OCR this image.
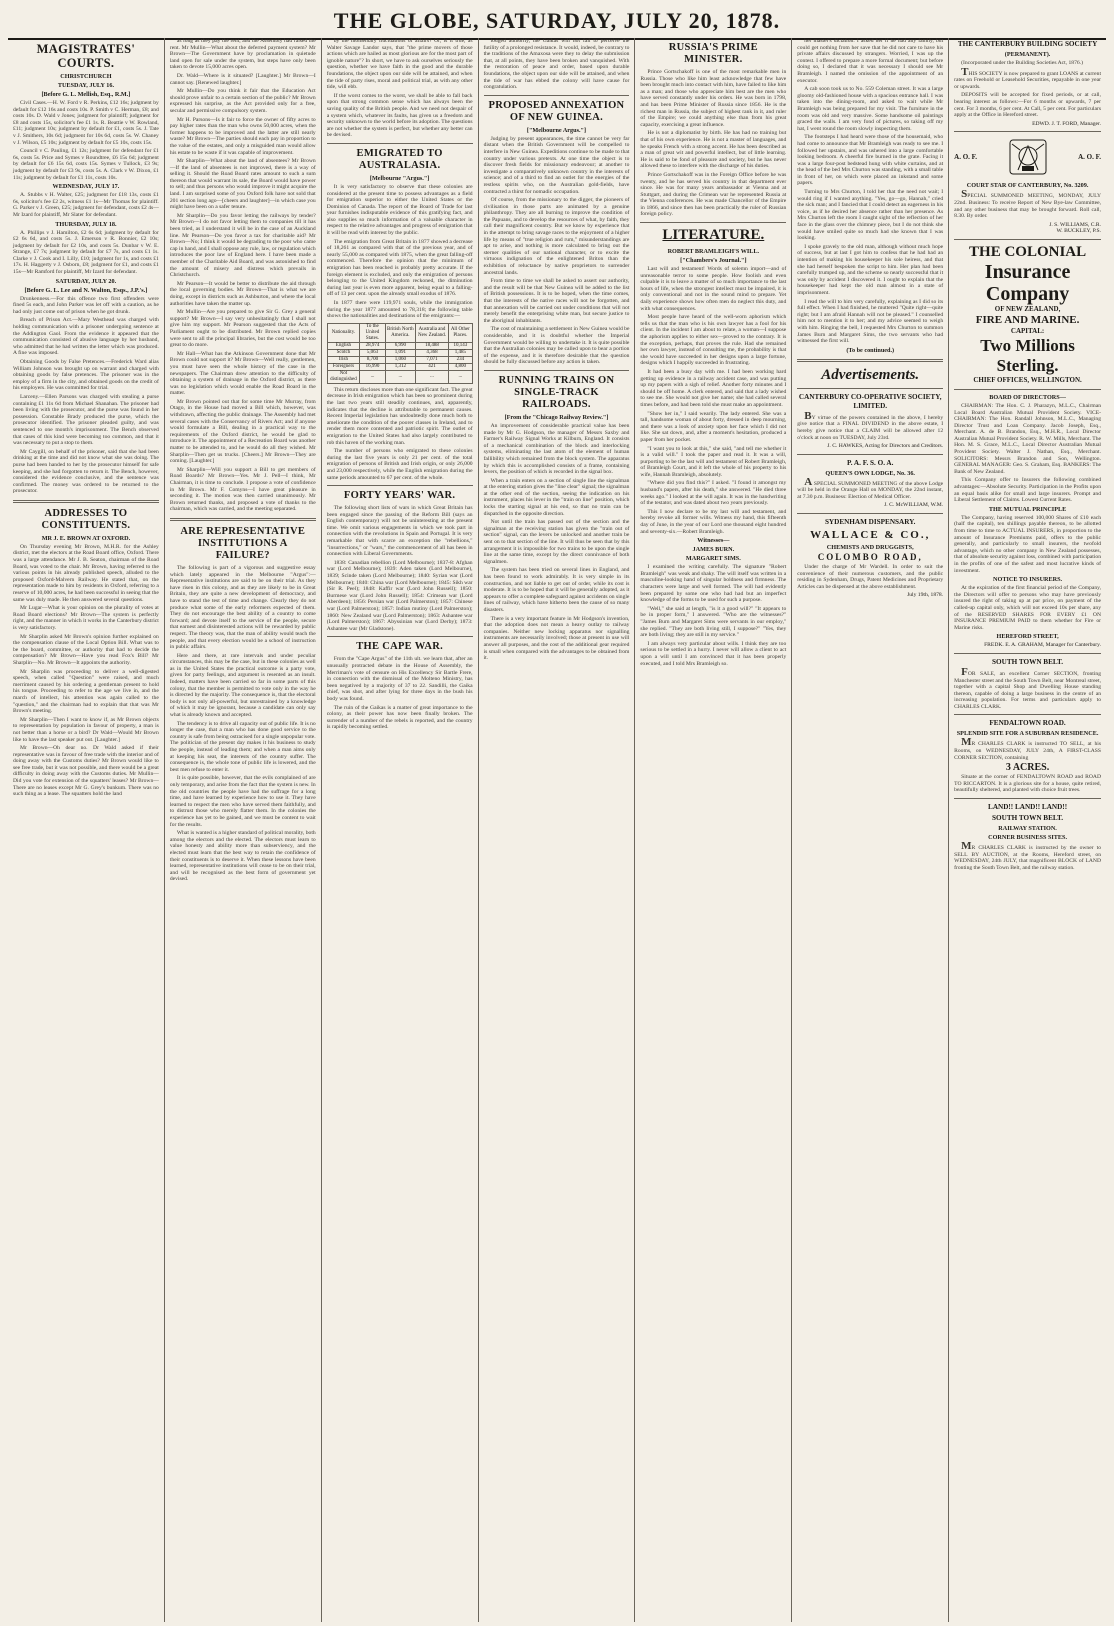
THE GLOBE, SATURDAY, JULY 20, 1878.
MAGISTRATES' COURTS.
CHRISTCHURCH
TUESDAY, JULY 16.
[Before G. L. Mellish, Esq., R.M.]

Civil Cases.—H. W. Ford v R. Perkins, £12 16s; judgment by default for £12 16s and costs 10s. P. Smith v C. Herman, £8; and costs 10s. D. Wald v Jones; judgment for plaintiff; judgment for £8 and costs 15s, solicitor's fee £1 1s. R. Beattie v W. Rowland, £11; judgment 10s; judgment by default for £1, costs 5s. J. Tate v J. Smithers, 10s 6d; judgment for 10s 6d, costs 5s. W. Chaney v J. Wilson, £5 10s; judgment by default for £5 10s, costs 15s.

Council v C. Pauling, £1 12s; judgment for defendant for £1 6s, costs 5s. Price and Symes v Roundtree, £6 15s 6d; judgment by default for £6 15s 6d, costs 15s. Symes v Tullock, £3 9s; judgment by default for £3 9s, costs 5s. A. Clark v W. Dixon, £1 11s; judgment by default for £1 11s, costs 10s.

WEDNESDAY, JULY 17.

A. Stubbs v H. Walter, £25; judgment for £18 13s, costs £1 6s, solicitor's fee £2 2s, witness £1 1s—Mr Thomas for plaintiff. G. Parker v J. Green, £25; judgment for defendant, costs £2 4s—Mr Izard for plaintiff, Mr Slater for defendant.

THURSDAY, JULY 18.

A. Phillips v J. Hamilton, £2 6s 6d; judgment by default for £2 6s 6d, and costs 5s. J. Emerson v R. Bonnier, £2 10s; judgment by default for £2 10s, and costs 5s. Dunbar v W. E. Strange, £7 7s; judgment by default for £7 7s, and costs £1 1s. Clarke v J. Cook and I. Lilly, £10; judgment for 1s, and costs £1 17s. H. Haggerty v J. Osborn, £8; judgment for £1, and costs £1 15s—Mr Ramford for plaintiff, Mr Izard for defendant.

SATURDAY, JULY 20.
[Before G. L. Lee and N. Walton, Esqs., J.P.'s.]

Drunkenness.—For this offence two first offenders were fined 5s each, and John Parker was let off with a caution, as he had only just come out of prison when he got drunk.

Breach of Prison Act.—Mary Westhead was charged with holding communication with a prisoner undergoing sentence at the Addington Gaol. From the evidence it appeared that the communication consisted of abusive language by her husband, who admitted that he had written the letter which was produced. A fine was imposed.

Obtaining Goods by False Pretences.—Frederick Ward alias William Johnson was brought up on warrant and charged with obtaining goods by false pretences. The prisoner was in the employ of a firm in the city, and obtained goods on the credit of his employers. He was committed for trial.

Larceny.—Ellen Parsons was charged with stealing a purse containing £1 11s 6d from Michael Shanahan. The prisoner had been living with the prosecutor, and the purse was found in her possession. Constable Brady produced the purse, which the prosecutor identified. The prisoner pleaded guilty, and was sentenced to one month's imprisonment. The Bench observed that cases of this kind were becoming too common, and that it was necessary to put a stop to them.

Mr Caygill, on behalf of the prisoner, said that she had been drinking at the time and did not know what she was doing. The purse had been handed to her by the prosecutor himself for safe keeping, and she had forgotten to return it. The Bench, however, considered the evidence conclusive, and the sentence was confirmed. The money was ordered to be returned to the prosecutor.

ADDRESSES TO CONSTITUENTS.
MR J. E. BROWN AT OXFORD.

On Thursday evening Mr Brown, M.H.R. for the Ashley district, met the electors at the Road Board office, Oxford. There was a large attendance. Mr J. B. Seaton, chairman of the Road Board, was voted to the chair. Mr Brown, having referred to the various points in his already published speech, alluded to the proposed Oxford-Malvern Railway. He stated that, on the representation made to him by residents in Oxford, referring to a reserve of 10,000 acres, he had been successful in seeing that the same was duly made. He then answered several questions.

Mr Lugar—What is your opinion on the plurality of votes at Road Board elections? Mr Brown—The system is perfectly right, and the manner in which it works in the Canterbury district is very satisfactory.

Mr Sharplin asked Mr Brown's opinion further explained on the compensation clause of the Local Option Bill. What was to be the board, committee, or authority that had to decide the compensation? Mr Brown—Have you read Fox's Bill? Mr Sharplin—No. Mr Brown—It appoints the authority.

Mr Sharplin was proceeding to deliver a well-digested speech, when called "Question" were raised, and much merriment caused by his ordering a gentleman present to hold his tongue. Proceeding to refer to the age we live in, and the march of intellect, his attention was again called to the "question," and the chairman had to explain that that was Mr Brown's meeting.

Mr Sharplin—Then I want to know if, as Mr Brown objects to representation by population in favour of property, a man is not better than a horse or a bird? Dr Wald—Would Mr Brown like to have the last speaker put out. [Laughter.]

Mr Brown—Oh dear no. Dr Wald asked if their representative was in favour of free trade with the interior and of doing away with the Customs duties? Mr Brown would like to see free trade, but it was not possible, and there would be a great difficulty in doing away with the Customs duties. Mr Mullin—Did you vote for extension of the squatters' leases? Mr Brown—There are no leases except Mr G. Grey's bunkum. There was no such thing as a lease. The squatters hold the land

as long as they pay the rent, and the Assembly had raised the rent. Mr Mullin—What about the deferred payment system? Mr Brown—The Government have by proclamation in quietude land open for sale under the system, but steps have only been taken to devote 15,000 acres open.

Dr. Wald—Where is it situated? [Laughter.] Mr Brown—I cannot say. [Renewed laughter.]

Mr Mullin—Do you think it fair that the Education Act should prove unfair to a certain section of the public? Mr Brown expressed his surprise, as the Act provided only for a free, secular and permissive compulsory system.

Mr H. Parsons—Is it fair to force the owner of fifty acres to pay higher rates than the man who owns 50,000 acres, when the former happens to be improved and the latter are still nearly waste? Mr Brown—The parties should each pay in proportion to the value of the estates, and only a misguided man would allow his estate to be waste if it was capable of improvement.

Mr Sharplin—What about the land of absentees? Mr Brown—If the land of absentees is not improved, there is a way of selling it. Should the Road Board rates amount to such a sum thereon that would warrant its sale, the Board would have power to sell; and thus persons who would improve it might acquire the land. I am surprised some of you Oxford folk have not sold that 201 section long ago—[cheers and laughter]—in which case you might have been on a safer tenure.

Mr Sharplin—Do you favor letting the railways by tender? Mr Brown—I do not favor letting them to companies till it has been tried, as I understand it will be in the case of an Auckland line. Mr Pearson—Do you favor a tax for charitable aid? Mr Brown—No; I think it would be degrading to the poor who came cap in hand, and I shall oppose any rule, law, or regulation which introduces the poor law of England here. I have been made a member of the Charitable Aid Board, and was astonished to find the amount of misery and distress which prevails in Christchurch.

Mr Pearson—It would be better to distribute the aid through the local governing bodies. Mr Brown—That is what we are doing, except in districts such as Ashburton, and where the local authorities have taken the matter up.

Mr Mullin—Are you prepared to give Sir G. Grey a general support? Mr Brown—I say very unhesitatingly that I shall not give him my support. Mr Pearson suggested that the Acts of Parliament ought to be distributed. Mr Brown replied copies were sent to all the principal libraries, but the cost would be too great to do more.

Mr Hall—What has the Atkinson Government done that Mr Brown could not support it? Mr Brown—Well really, gentlemen, you must have seen the whole history of the case in the newspapers. The Chairman drew attention to the difficulty of obtaining a system of drainage in the Oxford district, as there was no legislation which would enable the Road Board in the matter.

Mr Brown pointed out that for some time Mr Murray, from Otago, in the House had moved a Bill which, however, was withdrawn, affecting the public drainage. The Assembly had met several cases with the Conservancy of Rivers Act; and if anyone would formulate a Bill, dealing in a practical way to the requirements of the Oxford district, he would be glad to introduce it. The appointment of a Recreation Board was another matter to be attended to, and he would do all they wished. Mr Sharplin—Then get us trucks. [Cheers.] Mr Brown—They are coming. [Laughter.]

Mr Sharplin—Will you support a Bill to get members of Road Boards? Mr Brown—Yes. Mr J. Pell—I think, Mr Chairman, it is time to conclude. I propose a vote of confidence in Mr Brown. Mr F. Comyns—I have great pleasure in seconding it. The motion was then carried unanimously. Mr Brown returned thanks, and proposed a vote of thanks to the chairman, which was carried, and the meeting separated.

ARE REPRESENTATIVE INSTITUTIONS A FAILURE?

The following is part of a vigorous and suggestive essay which lately appeared in the Melbourne "Argus":—Representative institutions are said to be on their trial. As they have risen in this colony, and as they are likely to be in Great Britain, they are quite a new development of democracy, and have to stand the test of time and change. Clearly they do not produce what some of the early reformers expected of them. They do not encourage the best ability of a country to come forward; and devote itself to the service of the people, secure that earnest and disinterested actions will be rewarded by public respect. The theory was, that the man of ability would teach the people, and that every election would be a school of instruction in public affairs.

Here and there, at rare intervals and under peculiar circumstances, this may be the case, but in these colonies as well as in the United States the practical outcome is a party vote, given for party feelings, and argument is resented as an insult. Indeed, matters have been carried so far in some parts of this colony, that the member is permitted to vote only in the way he is directed by the majority. The consequence is, that the electoral body is not only all-powerful, but unrestrained by a knowledge of which it may be ignorant, because a candidate can only say what is already known and accepted.

The tendency is to drive all capacity out of public life. It is no longer the case, that a man who has done good service to the country is safe from being ostracised for a single unpopular vote. The politician of the present day makes it his business to study the people, instead of leading them; and when a man aims only at keeping his seat, the interests of the country suffer. The consequence is, the whole tone of public life is lowered, and the best men refuse to enter it.

It is quite possible, however, that the evils complained of are only temporary, and arise from the fact that the system is new. In the old countries the people have had the suffrage for a long time, and have learned by experience how to use it. They have learned to respect the men who have served them faithfully, and to distrust those who merely flatter them. In the colonies the experience has yet to be gained, and we must be content to wait for the results.

What is wanted is a higher standard of political morality, both among the electors and the elected. The electors must learn to value honesty and ability more than subserviency, and the elected must learn that the best way to retain the confidence of their constituents is to deserve it. When these lessons have been learned, representative institutions will cease to be on their trial, and will be recognised as the best form of government yet devised.

by the momentary fluctuations of affairs? Or, is it true, as Walter Savage Landor says, that "the prime movers of those actions which are hailed as most glorious are for the most part of ignoble nature"? In short, we have to ask ourselves seriously the question, whether we have faith in the good and the durable foundations, the object upon our side will be attained, and when the tide of party rises, moral and political trial, as with any other tide, will ebb.

If the worst comes to the worst, we shall be able to fall back upon that strong common sense which has always been the saving quality of the British people. And we need not despair of a system which, whatever its faults, has given us a freedom and security unknown to the world before its adoption. The questions are not whether the system is perfect, but whether any better can be devised.

EMIGRATED TO AUSTRALASIA.
[Melbourne "Argus."]

It is very satisfactory to observe that these colonies are considered at the present time to possess advantages as a field for emigration superior to either the United States or the Dominion of Canada. The report of the Board of Trade for last year furnishes indisputable evidence of this gratifying fact, and also supplies so much information of a valuable character in respect to the relative advantages and progress of emigration that it will be read with interest by the public.

The emigration from Great Britain in 1877 showed a decrease of 18,261 as compared with that of the previous year, and of nearly 55,000 as compared with 1875, when the great falling-off commenced. Therefore the opinion that the minimum of emigration has been reached is probably pretty accurate. If the foreign element is excluded, and only the emigration of persons belonging to the United Kingdom reckoned, the diminution during last year is even more apparent, being equal to a falling-off of 13 per cent. upon the already small exodus of 1876.

In 1877 there were 119,971 souls, while the immigration during the year 1877 amounted to 78,318; the following table shows the nationalities and destinations of the emigrants:—

Nationality.	To the United States.	British North America.	Australia and New Zealand.	All Other Places.
English	28,974	6,990	18,488	10,143
Scotch	5,063	1,091	4,368	1,485
Irish	8,700	1,060	7,071	234
Foreigners	16,990	1,312	421	4,800
Not distinguished	...	...	...	...

This return discloses more than one significant fact. The great decrease in Irish emigration which has been so prominent during the last two years still steadily continues, and, apparently, indicates that the decline is attributable to permanent causes. Recent Imperial legislation has undoubtedly done much both to ameliorate the condition of the poorer classes in Ireland, and to render them more contented and patriotic spirit. The outlet of emigration to the United States had also largely contributed to rob this haven of the working man.

The number of persons who emigrated to these colonies during the last five years is only 21 per cent. of the total emigration of persons of British and Irish origin, or only 26,000 and 23,000 respectively, while the English emigration during the same periods amounted to 67 per cent. of the whole.

FORTY YEARS' WAR.

The following short lists of wars in which Great Britain has been engaged since the passing of the Reform Bill (says an English contemporary) will not be uninteresting at the present time. We omit various engagements in which we took part in connection with the revolutions in Spain and Portugal. It is very remarkable that with scarce an exception the "rebellions," "insurrections," or "wars," the commencement of all has been in connection with Liberal Governments.

1838: Canadian rebellion (Lord Melbourne); 1837-8: Afghan war (Lord Melbourne); 1839: Aden taken (Lord Melbourne), 1839; Scinde taken (Lord Melbourne); 1840: Syrian war (Lord Melbourne); 1840: China war (Lord Melbourne); 1845: Sikh war (Sir R. Peel); 1848: Kaffir war (Lord John Russell); 1850: Burmese war (Lord John Russell); 1854: Crimean war (Lord Aberdeen); 1856: Persian war (Lord Palmerston); 1857: Chinese war (Lord Palmerston); 1857: Indian mutiny (Lord Palmerston); 1860: New Zealand war (Lord Palmerston); 1863: Ashantee war (Lord Palmerston); 1867: Abyssinian war (Lord Derby); 1873: Ashantee war (Mr Gladstone).

THE CAPE WAR.

From the "Cape Argus" of the 11th ult. we learn that, after an unusually protracted debate in the House of Assembly, the Merriman's vote of censure on His Excellency Sir Bartle Frere, in connection with the dismissal of the Molteno Ministry, has been negatived by a majority of 37 to 22. Sandilli, the Gaika chief, was shot, and after lying for three days in the bush his body was found.

The ruin of the Gaikas is a matter of great importance to the colony, as their power has now been finally broken. The surrender of a number of the rebels is reported, and the country is rapidly becoming settled.

lodged authority, the Gaikas will not fail to perceive the futility of a prolonged resistance. It would, indeed, be contrary to the traditions of the Amaxosa were they to delay the submission that, at all points, they have been broken and vanquished. With the restoration of peace and order, based upon durable foundations, the object upon our side will be attained, and when the tide of war has ebbed the colony will have cause for congratulation.

PROPOSED ANNEXATION OF NEW GUINEA.
["Melbourne Argus."]

Judging by present appearances, the time cannot be very far distant when the British Government will be compelled to interfere in New Guinea. Expeditions continue to be made to that country under various pretexts. At one time the object is to discover fresh fields for missionary endeavour; at another to investigate a comparatively unknown country in the interests of science; and of a third to find an outlet for the energies of the restless spirits who, on the Australian gold-fields, have contracted a thirst for nomadic occupation.

Of course, from the missionary to the digger, the pioneers of civilisation in those parts are animated by a genuine philanthropy. They are all burning to improve the condition of the Papuans, and to develop the resources of what, by faith, they call their magnificent country. But we know by experience that in the attempt to bring savage races to the enjoyment of a higher life by means of "true religion and rum," misunderstandings are apt to arise, and nothing is more calculated to bring out the sterner qualities of our national character, or to excite the virtuous indignation of the enlightened Briton than the exhibition of reluctance by native proprietors to surrender ancestral lands.

From time to time we shall be asked to assert our authority, and the result will be that New Guinea will be added to the list of British possessions. It is to be hoped, when the time comes, that the interests of the native races will not be forgotten, and that annexation will be carried out under conditions that will not merely benefit the enterprising white man, but secure justice to the aboriginal inhabitants.

The cost of maintaining a settlement in New Guinea would be considerable, and it is doubtful whether the Imperial Government would be willing to undertake it. It is quite possible that the Australian colonies may be called upon to bear a portion of the expense, and it is therefore desirable that the question should be fully discussed before any action is taken.

RUNNING TRAINS ON SINGLE-TRACK RAILROADS.
[From the "Chicago Railway Review."]

An improvement of considerable practical value has been made by Mr G. Hodgson, the manager of Messrs Saxby and Farmer's Railway Signal Works at Kilburn, England. It consists of a mechanical combination of the block and interlocking systems, eliminating the last atom of the element of human fallibility which remained from the block system. The apparatus by which this is accomplished consists of a frame, containing levers, the position of which is recorded in the signal box.

When a train enters on a section of single line the signalman at the entering station gives the "line clear" signal; the signalman at the other end of the section, seeing the indication on his instrument, places his lever in the "train on line" position, which locks the starting signal at his end, so that no train can be dispatched in the opposite direction.

Not until the train has passed out of the section and the signalman at the receiving station has given the "train out of section" signal, can the levers be unlocked and another train be sent on to that section of the line. It will thus be seen that by this arrangement it is impossible for two trains to be upon the single line at the same time, except by the direct connivance of both signalmen.

The system has been tried on several lines in England, and has been found to work admirably. It is very simple in its construction, and not liable to get out of order, while its cost is moderate. It is to be hoped that it will be generally adopted, as it appears to offer a complete safeguard against accidents on single lines of railway, which have hitherto been the cause of so many disasters.

There is a very important feature in Mr Hodgson's invention, that the adoption does not mean a heavy outlay to railway companies. Neither new locking apparatus nor signalling instruments are necessarily involved; those at present in use will answer all purposes, and the cost of the additional gear required is small when compared with the advantages to be obtained from it.

RUSSIA'S PRIME MINISTER.

Prince Gortschakoff is one of the most remarkable men in Russia. Those who like him least acknowledge that few have been brought much into contact with him, have failed to like him as a man; and those who appreciate him best are the men who have served constantly under his orders. He was born in 1798, and has been Prime Minister of Russia since 1856. He is the richest man in Russia, the subject of highest rank in it, and ruler of the Empire; we could anything else than from his great capacity, exercising a great influence.

He is not a diplomatist by birth. He has had no training but that of his own experience. He is not a master of languages, and he speaks French with a strong accent. He has been described as a man of great wit and powerful intellect, but of little learning. He is said to be fond of pleasure and society, but he has never allowed these to interfere with the discharge of his duties.

Prince Gortschakoff was in the Foreign Office before he was twenty, and he has served his country in that department ever since. He was for many years ambassador at Vienna and at Stuttgart, and during the Crimean war he represented Russia at the Vienna conferences. He was made Chancellor of the Empire in 1866, and since then has been practically the ruler of Russian foreign policy.

LITERATURE.
ROBERT BRAMLEIGH'S WILL.
["Chambers's Journal."]

Last will and testament! Words of solemn import—and of unreasonable terror to some people. How foolish and even culpable it is to leave a matter of so much importance to the last hours of life, when the strongest intellect must be impaired, it is only conventional and not in the sound mind to prepare. Yet daily experience shows how often men do neglect this duty, and with what consequences.

Most people have heard of the well-worn aphorism which tells us that the man who is his own lawyer has a fool for his client. In the incident I am about to relate, a woman—I suppose the aphorism applies to either sex—proved to the contrary. It is the exception, perhaps, that proves the rule. Had she remained her own lawyer, instead of consulting me, the probability is that she would have succeeded in her designs upon a large fortune, designs which I happily succeeded in frustrating.

It had been a busy day with me. I had been working hard getting up evidence in a railway accident case, and was putting up my papers with a sigh of relief. Another forty minutes and I should be off home. A clerk entered, and said that a lady wished to see me. She would not give her name; she had called several times before, and had been told she must make an appointment.

"Show her in," I said wearily. The lady entered. She was a tall, handsome woman of about forty, dressed in deep mourning, and there was a look of anxiety upon her face which I did not like. She sat down, and, after a moment's hesitation, produced a paper from her pocket.

"I want you to look at this," she said, "and tell me whether it is a valid will." I took the paper and read it. It was a will, purporting to be the last will and testament of Robert Bramleigh, of Bramleigh Court, and it left the whole of his property to his wife, Hannah Bramleigh, absolutely.

"Where did you find this?" I asked. "I found it amongst my husband's papers, after his death," she answered. "He died three weeks ago." I looked at the will again. It was in the handwriting of the testator, and was dated about two years previously.

This I now declare to be my last will and testament, and hereby revoke all former wills. Witness my hand, this fifteenth day of June, in the year of our Lord one thousand eight hundred and seventy-six.—Robert Bramleigh.

Witnesses—
JAMES BURN.
MARGARET SIMS.

I examined the writing carefully. The signature "Robert Bramleigh" was weak and shaky. The will itself was written in a masculine-looking hand of singular boldness and firmness. The characters were large and well formed. The will had evidently been prepared by some one who had had but an imperfect knowledge of the forms to be used for such a purpose.

"Well," she said at length, "is it a good will?" "It appears to be in proper form," I answered. "Who are the witnesses?" "James Burn and Margaret Sims were servants in our employ," she replied. "They are both living still, I suppose?" "Yes, they are both living; they are still in my service."

I am always very particular about wills. I think they are too serious to be settled in a hurry. I never will allow a client to act upon a will until I am convinced that it has been properly executed, and I told Mrs Bramleigh so.

her master's dictation. I asked her if he had any family, but could get nothing from her save that he did not care to have his private affairs discussed by strangers. Worried, I was up the contest. I offered to prepare a more formal document; but before doing so, I declared that it was necessary I should see Mr Bramleigh. I named the omission of the appointment of an executor.

A cab soon took us to No. 559 Coleman street. It was a large gloomy old-fashioned house with a spacious entrance hall. I was taken into the dining-room, and asked to wait while Mr Bramleigh was being prepared for my visit. The furniture in the room was old and very massive. Some handsome oil paintings graced the walls. I am very fond of pictures, so taking off my hat, I went round the room slowly inspecting them.

The footsteps I had heard were those of the housemaid, who had come to announce that Mr Bramleigh was ready to see me. I followed her upstairs, and was ushered into a large comfortable looking bedroom. A cheerful fire burned in the grate. Facing it was a large four-post bedstead hung with white curtains, and at the head of the bed Mrs Churton was standing, with a small table in front of her, on which were placed an inkstand and some papers.

Turning to Mrs Churton, I told her that the need not wait; I would ring if I wanted anything. "Yes, go—go, Hannah," cried the sick man; and I fancied that I could detect an eagerness in his voice, as if he desired her absence rather than her presence. As Mrs Churton left the room I caught sight of the reflection of her face in the glass over the chimney piece, but I do not think she would have smiled quite so much had she known that I was looking.

I spoke gravely to the old man, although without much hope of success, but at last I got him to confess that he had had an intention of making his housekeeper his sole heiress, and that she had herself bespoken the script to him. Her plan had been carefully trumped up, and the scheme so nearly successful that it was only by accident I discovered it. I ought to explain that the housekeeper had kept the old man almost in a state of imprisonment.

I read the will to him very carefully, explaining as I did so its full effect. When I had finished, he muttered "Quite right—quite right; but I am afraid Hannah will not be pleased." I counselled him not to mention it to her; and my advice seemed to weigh with him. Ringing the bell, I requested Mrs Churton to summon James Burn and Margaret Sims, the two servants who had witnessed the first will.

(To be continued.)
Advertisements.
CANTERBURY CO-OPERATIVE SOCIETY, LIMITED.

BY virtue of the powers contained in the above, I hereby give notice that a FINAL DIVIDEND in the above estate, I hereby give notice that a CLAIM will be allowed after 12 o'clock at noon on TUESDAY, July 23rd.

J. C. HAWKES, Acting for Directors and Creditors.
P. A. F. S. O. A.
QUEEN'S OWN LODGE, No. 36.

A SPECIAL SUMMONED MEETING of the above Lodge will be held in the Orange Hall on MONDAY, the 22nd instant, at 7.30 p.m. Business: Election of Medical Officer.

J. C. McWILLIAM, W.M.
SYDENHAM DISPENSARY.
WALLACE & CO.,
CHEMISTS AND DRUGGISTS,
COLOMBO ROAD,

Under the charge of Mr Wardell. In order to suit the convenience of their numerous customers, and the public residing in Sydenham, Drugs, Patent Medicines and Proprietary Articles can be dispensed at the above establishment.

July 19th, 1878.
THE CANTERBURY BUILDING SOCIETY
(PERMANENT).

(Incorporated under the Building Societies Act, 1876.)

THIS SOCIETY is now prepared to grant LOANS at current rates on Freehold or Leasehold Securities, repayable in one year or upwards.

DEPOSITS will be accepted for fixed periods, or at call, bearing interest as follows:—For 6 months or upwards, 7 per cent. For 3 months, 6 per cent. At Call, 5 per cent. For particulars apply at the Office in Hereford street.

EDWD. J. T. FORD, Manager.
A. O. F.	A. O. F.
COURT STAR OF CANTERBURY, No. 3209.

SPECIAL SUMMONED MEETING, MONDAY, JULY 22nd. Business: To receive Report of New Bye-law Committee, and any other business that may be brought forward. Roll call, 8.30. By order.

J. S. WILLIAMS, C.R.
W. BUCKLEY, P.S.
THE COLONIAL
Insurance Company
OF NEW ZEALAND,
FIRE AND MARINE.
CAPITAL:
Two Millions Sterling.
CHIEF OFFICES, WELLINGTON.
BOARD OF DIRECTORS—

CHAIRMAN: The Hon. C. J. Pharazyn, M.L.C., Chairman Local Board Australian Mutual Provident Society. VICE-CHAIRMAN: The Hon. Randall Johnson, M.L.C., Managing Director Trust and Loan Company. Jacob Joseph, Esq., Merchant. A. de B. Brandon, Esq., M.H.R., Local Director Australian Mutual Provident Society. R. W. Mills, Merchant. The Hon. M. S. Grace, M.L.C., Local Director Australian Mutual Provident Society. Walter J. Nathan, Esq., Merchant. SOLICITORS: Messrs Brandon and Son, Wellington. GENERAL MANAGER: Geo. S. Graham, Esq. BANKERS: The Bank of New Zealand.

This Company offer to Insurers the following combined advantages:—Absolute Security. Participation in the Profits upon an equal basis alike for small and large insurers. Prompt and Liberal Settlement of Claims. Lowest Current Rates.

THE MUTUAL PRINCIPLE

The Company, having reserved 100,000 Shares of £10 each (half the capital), ten shillings payable thereon, to be allotted from time to time to ACTUAL INSURERS, in proportion to the amount of Insurance Premiums paid, offers to the public generally, and particularly to small insurers, the twofold advantage, which no other company in New Zealand possesses, that of absolute security against loss, combined with participation in the profits of one of the safest and most lucrative kinds of investment.

NOTICE TO INSURERS.

At the expiration of the first financial period of the Company, the Directors will offer to persons who may have previously insured the right of taking up at par price, on payment of the called-up capital only, which will not exceed 10s per share, any of the RESERVED SHARES FOR EVERY £1 ON INSURANCE PREMIUM PAID to them whether for Fire or Marine risks.

HEREFORD STREET,
FREDK. E. A. GRAHAM, Manager for Canterbury.
SOUTH TOWN BELT.

FOR SALE, an excellent Corner SECTION, fronting Manchester street and the South Town Belt, near Montreal street, together with a capital Shop and Dwelling House standing thereon, capable of doing a large business in the centre of an increasing population. For terms and particulars apply to CHARLES CLARK.

FENDALTOWN ROAD.
SPLENDID SITE FOR A SUBURBAN RESIDENCE.

MR CHARLES CLARK is instructed TO SELL, at his Rooms, on WEDNESDAY, JULY 24th, A FIRST-CLASS CORNER SECTION, containing

3 ACRES.

Situate at the corner of FENDALTOWN ROAD and ROAD TO RICCARTON. It is a glorious site for a house, quite retired, beautifully sheltered, and planted with choice fruit trees.

LAND!! LAND!! LAND!!
SOUTH TOWN BELT.
RAILWAY STATION.
CORNER BUSINESS SITES.

MR CHARLES CLARK is instructed by the owner to SELL BY AUCTION, at the Rooms, Hereford street, on WEDNESDAY, 24th JULY, that magnificent BLOCK of LAND fronting the South Town Belt, and the railway station.
